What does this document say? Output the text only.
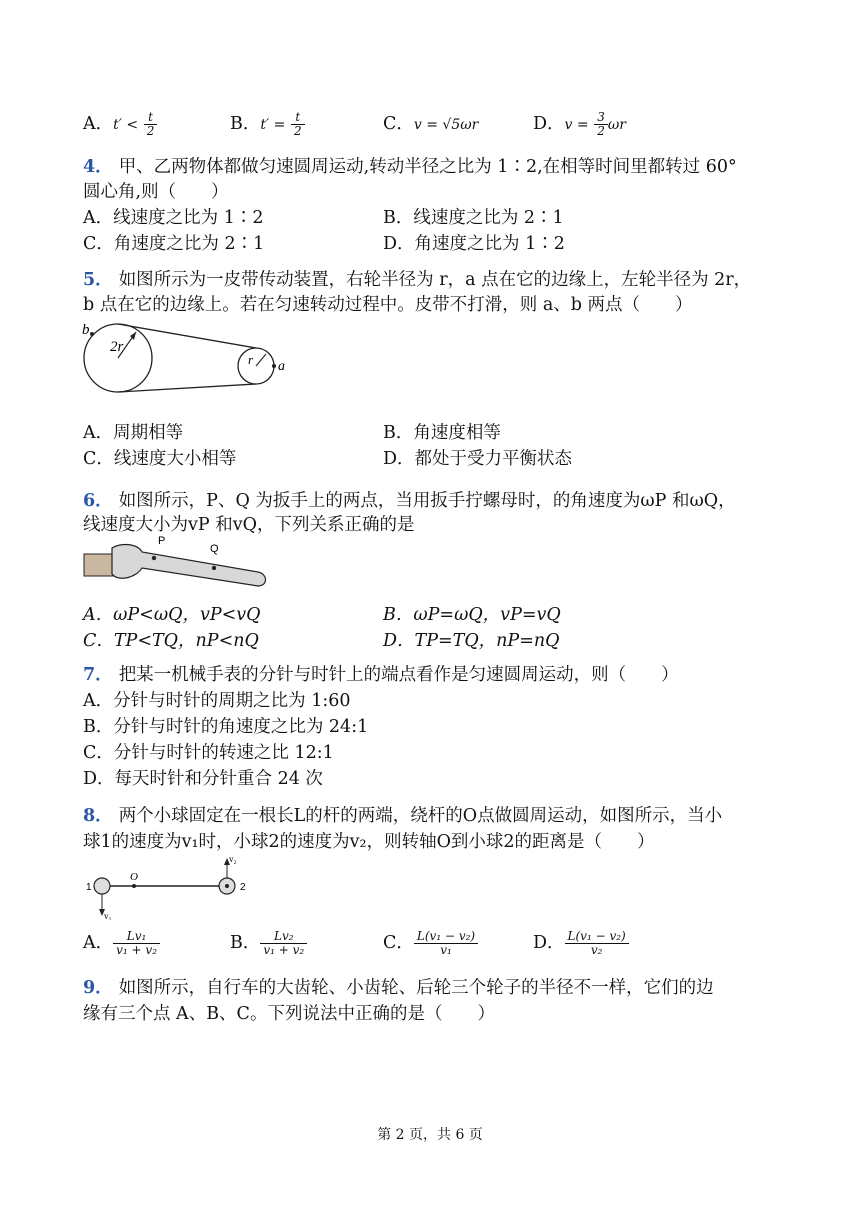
A．$t' < \frac{t}{2}$	B．$t' = \frac{t}{2}$	C．v = √5ωr	D．$v = \frac{3}{2}$ ωr
4． 甲、乙两物体都做匀速圆周运动,转动半径之比为 1∶2,在相等时间里都转过 60°
圆心角,则（　　）
A．线速度之比为 1∶2	B．线速度之比为 2∶1
C．角速度之比为 2∶1	D．角速度之比为 1∶2
5． 如图所示为一皮带传动装置，右轮半径为 r，a 点在它的边缘上，左轮半径为 2r，
b 点在它的边缘上。若在匀速转动过程中。皮带不打滑，则 a、b 两点（　　）
b
2r
r a
A．周期相等	B．角速度相等
C．线速度大小相等	D．都处于受力平衡状态
6． 如图所示，P、Q 为扳手上的两点，当用扳手拧螺母时，的角速度为ωP 和ωQ，
线速度大小为vP 和vQ，下列关系正确的是
P
Q
A．ωP<ωQ，vP<vQ	B．ωP=ωQ，vP=vQ
C．TP<TQ，nP<nQ	D．TP=TQ，nP=nQ
7． 把某一机械手表的分针与时针上的端点看作是匀速圆周运动，则（　　）
A．分针与时针的周期之比为 1:60
B．分针与时针的角速度之比为 24:1
C．分针与时针的转速之比 12:1
D．每天时针和分针重合 24 次
8． 两个小球固定在一根长L的杆的两端，绕杆的O点做圆周运动，如图所示，当小
球1的速度为v₁时，小球2的速度为v₂，则转轴O到小球2的距离是（　　）
1
O
2
v₁
v₂
A． $\frac{\text{Lv₁}}{\text{v₁ + v₂}}$	B． $\frac{\text{Lv₂}}{\text{v₁ + v₂}}$	C． $\frac{\text{L(v₁ − v₂)}}{\text{v₁}}$	D． $\frac{\text{L(v₁ − v₂)}}{\text{v₂}}$
9． 如图所示，自行车的大齿轮、小齿轮、后轮三个轮子的半径不一样，它们的边
缘有三个点 A、B、C。下列说法中正确的是（　　）
第 2 页，共 6 页
